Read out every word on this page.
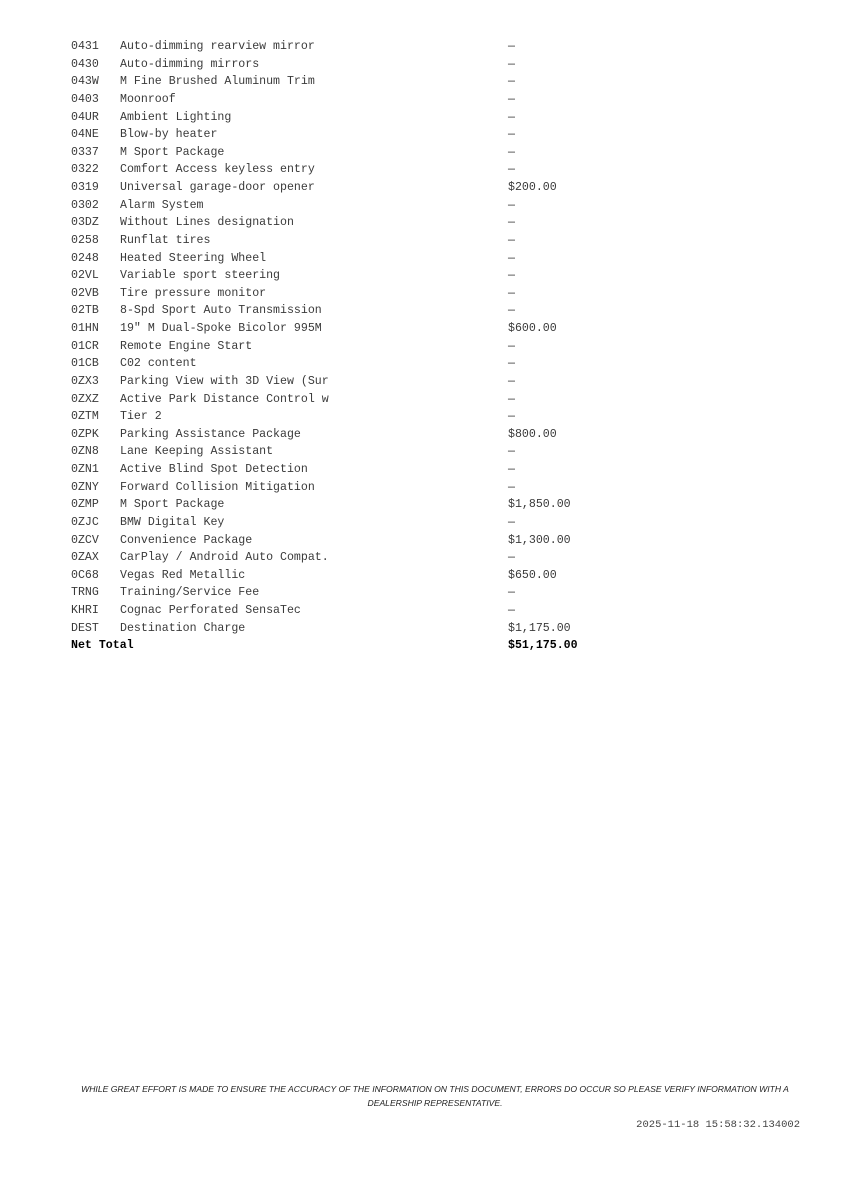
0431 Auto-dimming rearview mirror	—
0430 Auto-dimming mirrors	—
043W M Fine Brushed Aluminum Trim	—
0403 Moonroof	—
04UR Ambient Lighting	—
04NE Blow-by heater	—
0337 M Sport Package	—
0322 Comfort Access keyless entry	—
0319 Universal garage-door opener	$200.00
0302 Alarm System	—
03DZ Without Lines designation	—
0258 Runflat tires	—
0248 Heated Steering Wheel	—
02VL Variable sport steering	—
02VB Tire pressure monitor	—
02TB 8-Spd Sport Auto Transmission	—
01HN 19" M Dual-Spoke Bicolor 995M	$600.00
01CR Remote Engine Start	—
01CB C02 content	—
0ZX3 Parking View with 3D View (Sur	—
0ZXZ Active Park Distance Control w	—
0ZTM Tier 2	—
0ZPK Parking Assistance Package	$800.00
0ZN8 Lane Keeping Assistant	—
0ZN1 Active Blind Spot Detection	—
0ZNY Forward Collision Mitigation	—
0ZMP M Sport Package	$1,850.00
0ZJC BMW Digital Key	—
0ZCV Convenience Package	$1,300.00
0ZAX CarPlay / Android Auto Compat.	—
0C68 Vegas Red Metallic	$650.00
TRNG Training/Service Fee	—
KHRI Cognac Perforated SensaTec	—
DEST Destination Charge	$1,175.00
Net Total	$51,175.00
WHILE GREAT EFFORT IS MADE TO ENSURE THE ACCURACY OF THE INFORMATION ON THIS DOCUMENT, ERRORS DO OCCUR SO PLEASE VERIFY INFORMATION WITH A
DEALERSHIP REPRESENTATIVE.
2025-11-18 15:58:32.134002
